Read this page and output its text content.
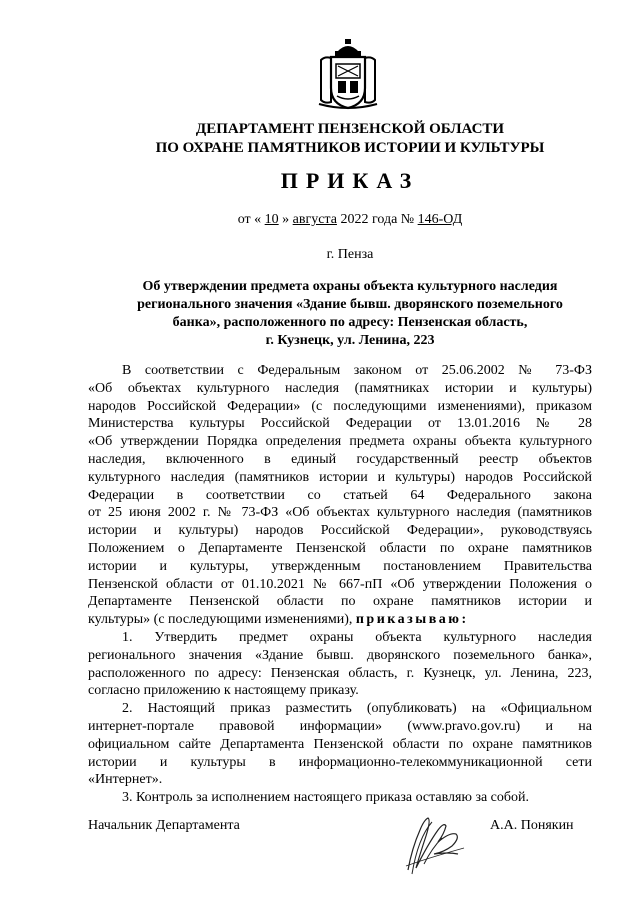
ДЕПАРТАМЕНТ ПЕНЗЕНСКОЙ ОБЛАСТИ
ПО ОХРАНЕ ПАМЯТНИКОВ ИСТОРИИ И КУЛЬТУРЫ
ПРИКАЗ
от « 10 » августа 2022 года № 146-ОД
г. Пенза
Об утверждении предмета охраны объекта культурного наследия
регионального значения «Здание бывш. дворянского поземельного
банка», расположенного по адресу: Пензенская область,
г. Кузнецк, ул. Ленина, 223

В соответствии с Федеральным законом от 25.06.2002 № 73-ФЗ

«Об объектах культурного наследия (памятниках истории и культуры)

народов Российской Федерации» (с последующими изменениями), приказом

Министерства культуры Российской Федерации от 13.01.2016 № 28

«Об утверждении Порядка определения предмета охраны объекта культурного

наследия, включенного в единый государственный реестр объектов

культурного наследия (памятников истории и культуры) народов Российской

Федерации в соответствии со статьей 64 Федерального закона

от 25 июня 2002 г. № 73-ФЗ «Об объектах культурного наследия (памятников

истории и культуры) народов Российской Федерации», руководствуясь

Положением о Департаменте Пензенской области по охране памятников

истории и культуры, утвержденным постановлением Правительства

Пензенской области от 01.10.2021 № 667-пП «Об утверждении Положения о

Департаменте Пензенской области по охране памятников истории и

культуры» (с последующими изменениями), приказываю:

1. Утвердить предмет охраны объекта культурного наследия

регионального значения «Здание бывш. дворянского поземельного банка»,

расположенного по адресу: Пензенская область, г. Кузнецк, ул. Ленина, 223,

согласно приложению к настоящему приказу.

2. Настоящий приказ разместить (опубликовать) на «Официальном

интернет-портале правовой информации» (www.pravo.gov.ru) и на

официальном сайте Департамента Пензенской области по охране памятников

истории и культуры в информационно-телекоммуникационной сети

«Интернет».

3. Контроль за исполнением настоящего приказа оставляю за собой.

Начальник Департамента	А.А. Понякин
